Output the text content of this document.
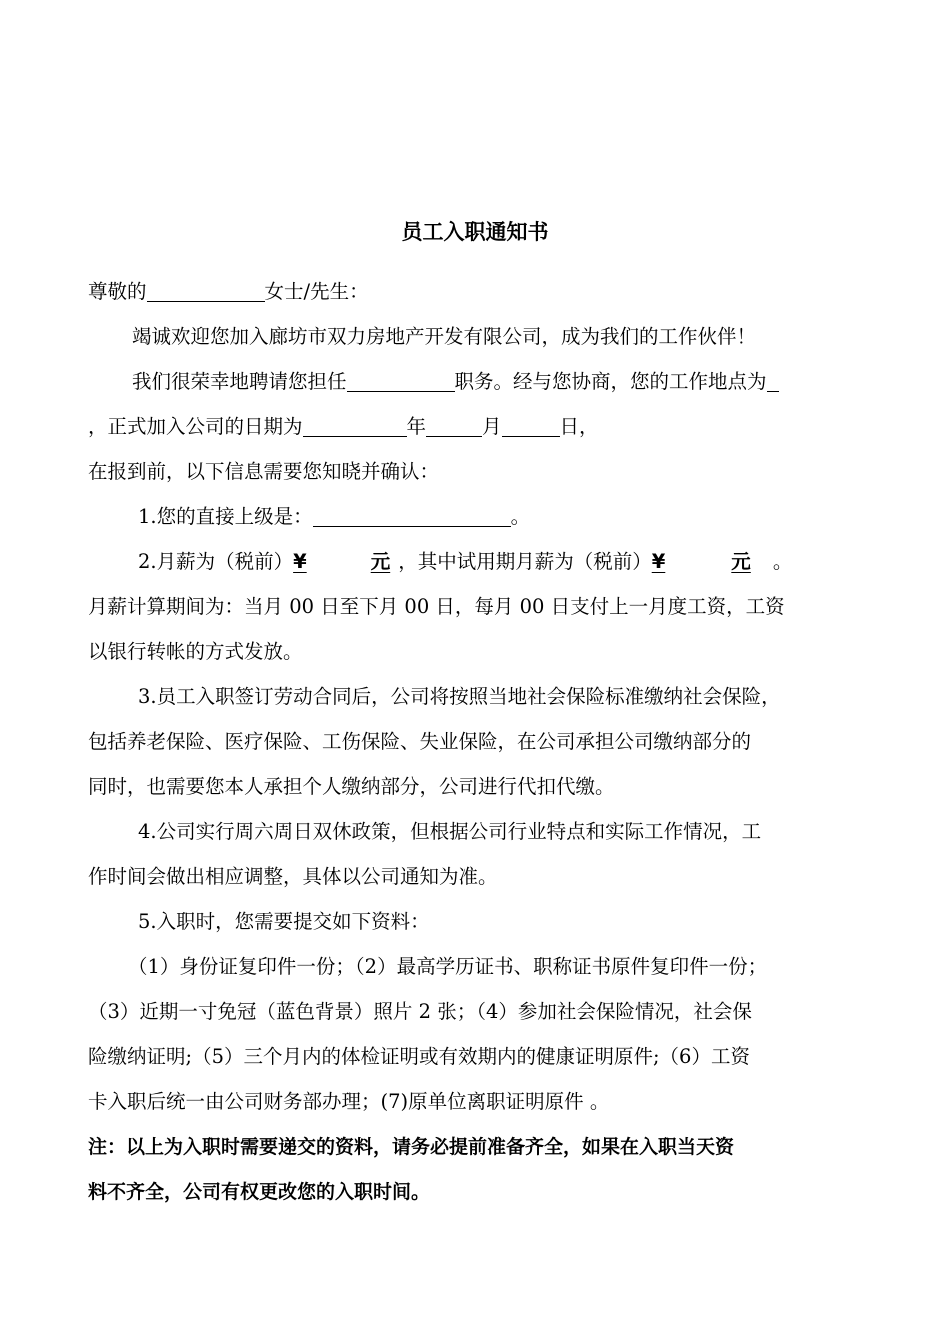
员工入职通知书
尊敬的	女士/先生：
竭诚欢迎您加入廊坊市双力房地产开发有限公司，成为我们的工作伙伴！
我们很荣幸地聘请您担任	职务。经与您协商，您的工作地点为
，正式加入公司的日期为	年	月	日，
在报到前，以下信息需要您知晓并确认：
1.您的直接上级是：	。
2.月薪为（税前）¥	元 ，其中试用期月薪为（税前）¥	元 。
月薪计算期间为：当月 00 日至下月 00 日，每月 00 日支付上一月度工资，工资
以银行转帐的方式发放。
3.员工入职签订劳动合同后，公司将按照当地社会保险标准缴纳社会保险，
包括养老保险、医疗保险、工伤保险、失业保险，在公司承担公司缴纳部分的
同时，也需要您本人承担个人缴纳部分，公司进行代扣代缴。
4.公司实行周六周日双休政策，但根据公司行业特点和实际工作情况，工
作时间会做出相应调整，具体以公司通知为准。
5.入职时，您需要提交如下资料：
（1）身份证复印件一份；（2）最高学历证书、职称证书原件复印件一份；
（3）近期一寸免冠（蓝色背景）照片 2 张；（4）参加社会保险情况，社会保
险缴纳证明;（5）三个月内的体检证明或有效期内的健康证明原件;（6）工资
卡入职后统一由公司财务部办理；(7)原单位离职证明原件 。
注：以上为入职时需要递交的资料，请务必提前准备齐全，如果在入职当天资
料不齐全，公司有权更改您的入职时间。
